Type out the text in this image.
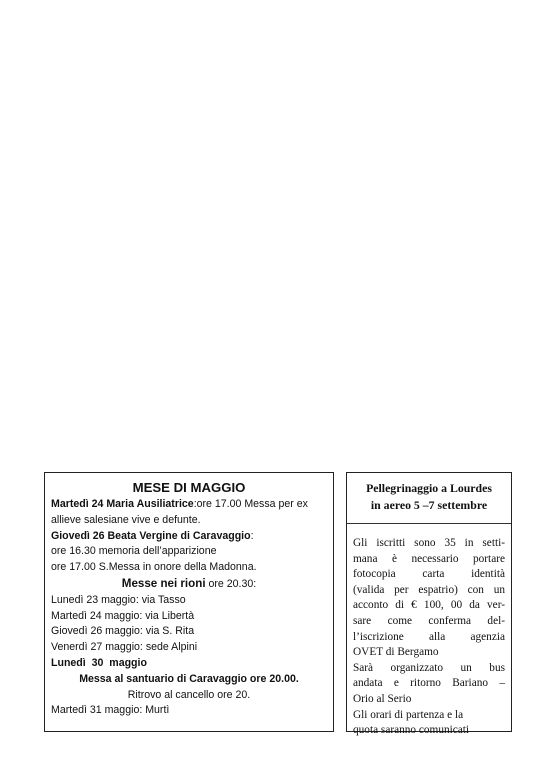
MESE DI MAGGIO
Martedì 24 Maria Ausiliatrice:ore 17.00 Messa per ex
allieve salesiane vive e defunte.
Giovedì 26 Beata Vergine di Caravaggio:
ore 16.30 memoria dell’apparizione
ore 17.00 S.Messa in onore della Madonna.
Messe nei rioni ore 20.30:
Lunedì 23 maggio: via Tasso
Martedì 24 maggio: via Libertà
Giovedì 26 maggio: via S. Rita
Venerdì 27 maggio: sede Alpini
Lunedì  30  maggio
Messa al santuario di Caravaggio ore 20.00.
Ritrovo al cancello ore 20.
Martedì 31 maggio: Murtì
Pellegrinaggio a Lourdes
in aereo 5 –7 settembre
Gli iscritti sono 35 in setti-
mana è necessario portare
fotocopia carta identità
(valida per espatrio) con un
acconto di € 100, 00 da ver-
sare come conferma del-
l’iscrizione alla agenzia
OVET di Bergamo
Sarà organizzato un bus
andata e ritorno Bariano –
Orio al Serio
Gli orari di partenza e la
quota saranno comunicati
